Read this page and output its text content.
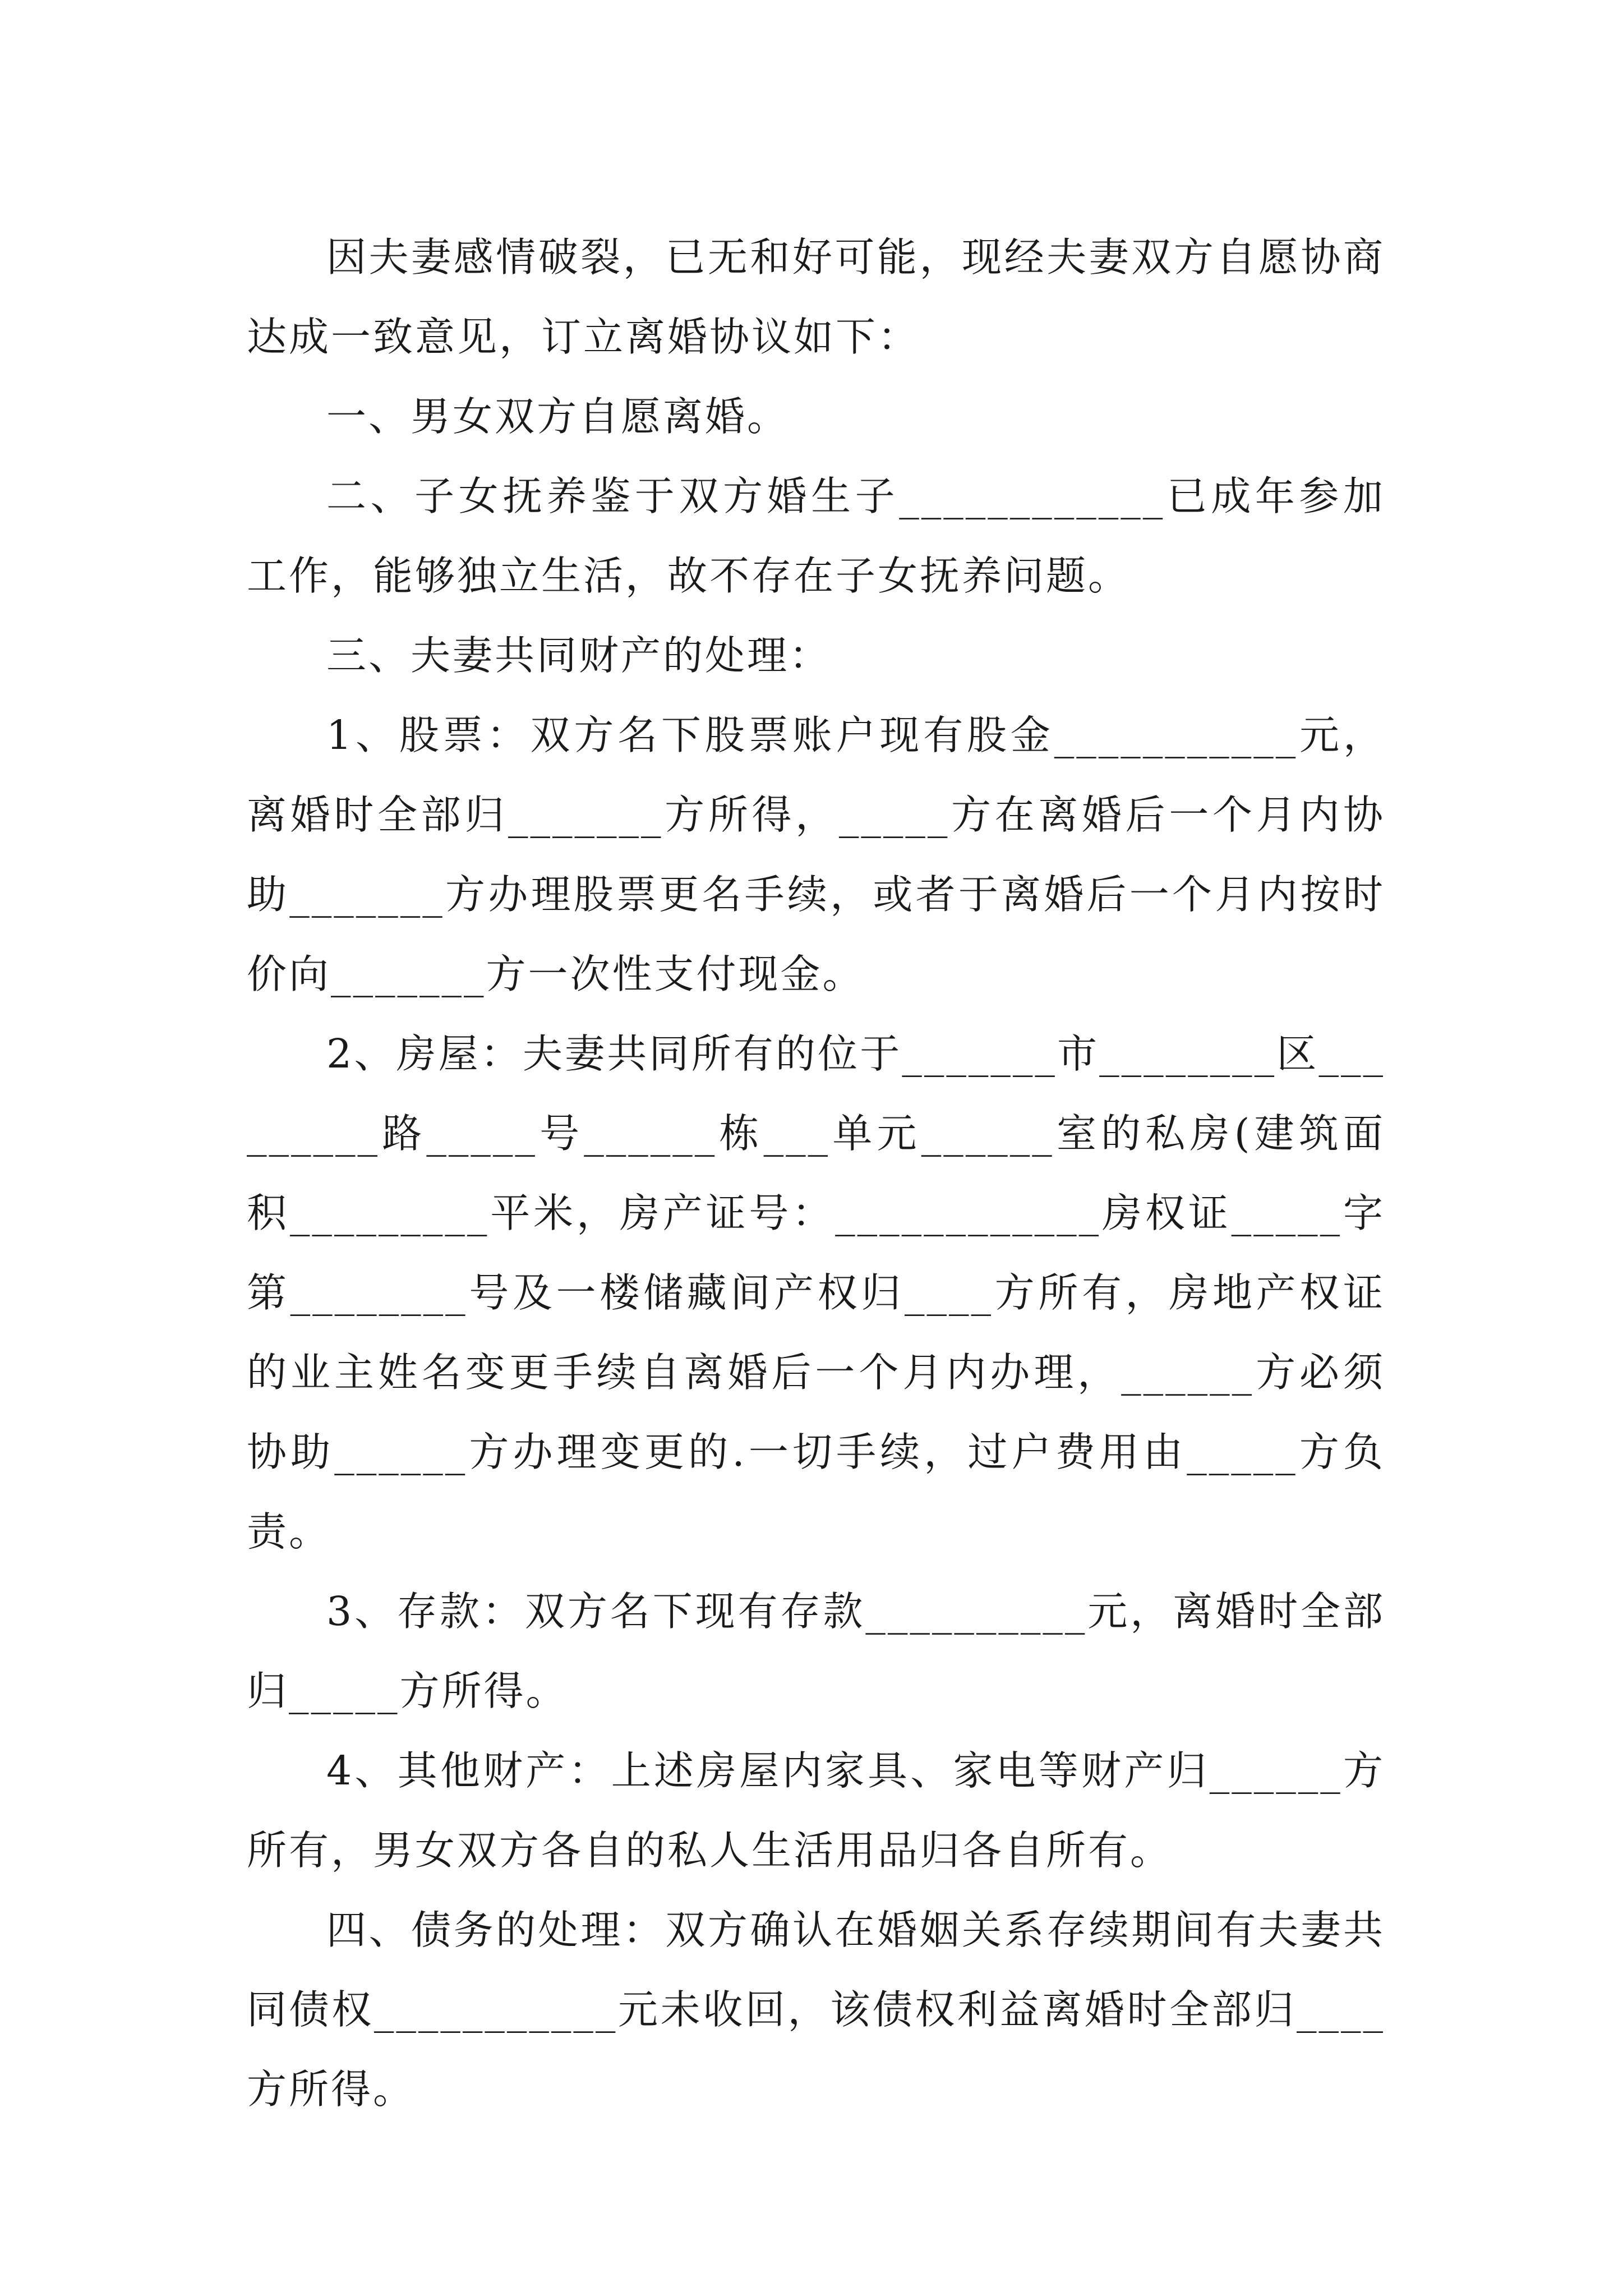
因夫妻感情破裂，已无和好可能，现经夫妻双方自愿协商达成一致意见，订立离婚协议如下：

一、男女双方自愿离婚。

二、子女抚养鉴于双方婚生子____________已成年参加工作，能够独立生活，故不存在子女抚养问题。

三、夫妻共同财产的处理：

1、股票：双方名下股票账户现有股金___________元，离婚时全部归_______方所得，_____方在离婚后一个月内协助_______方办理股票更名手续，或者于离婚后一个月内按时价向_______方一次性支付现金。

2、房屋：夫妻共同所有的位于_______市________区_________路_____号______栋___单元______室的私房(建筑面积_________平米，房产证号：____________房权证_____字第________号及一楼储藏间产权归____方所有，房地产权证的业主姓名变更手续自离婚后一个月内办理，______方必须协助______方办理变更的.一切手续，过户费用由_____方负责。

3、存款：双方名下现有存款__________元，离婚时全部归_____方所得。

4、其他财产：上述房屋内家具、家电等财产归______方所有，男女双方各自的私人生活用品归各自所有。

四、债务的处理：双方确认在婚姻关系存续期间有夫妻共同债权___________元未收回，该债权利益离婚时全部归____方所得。
